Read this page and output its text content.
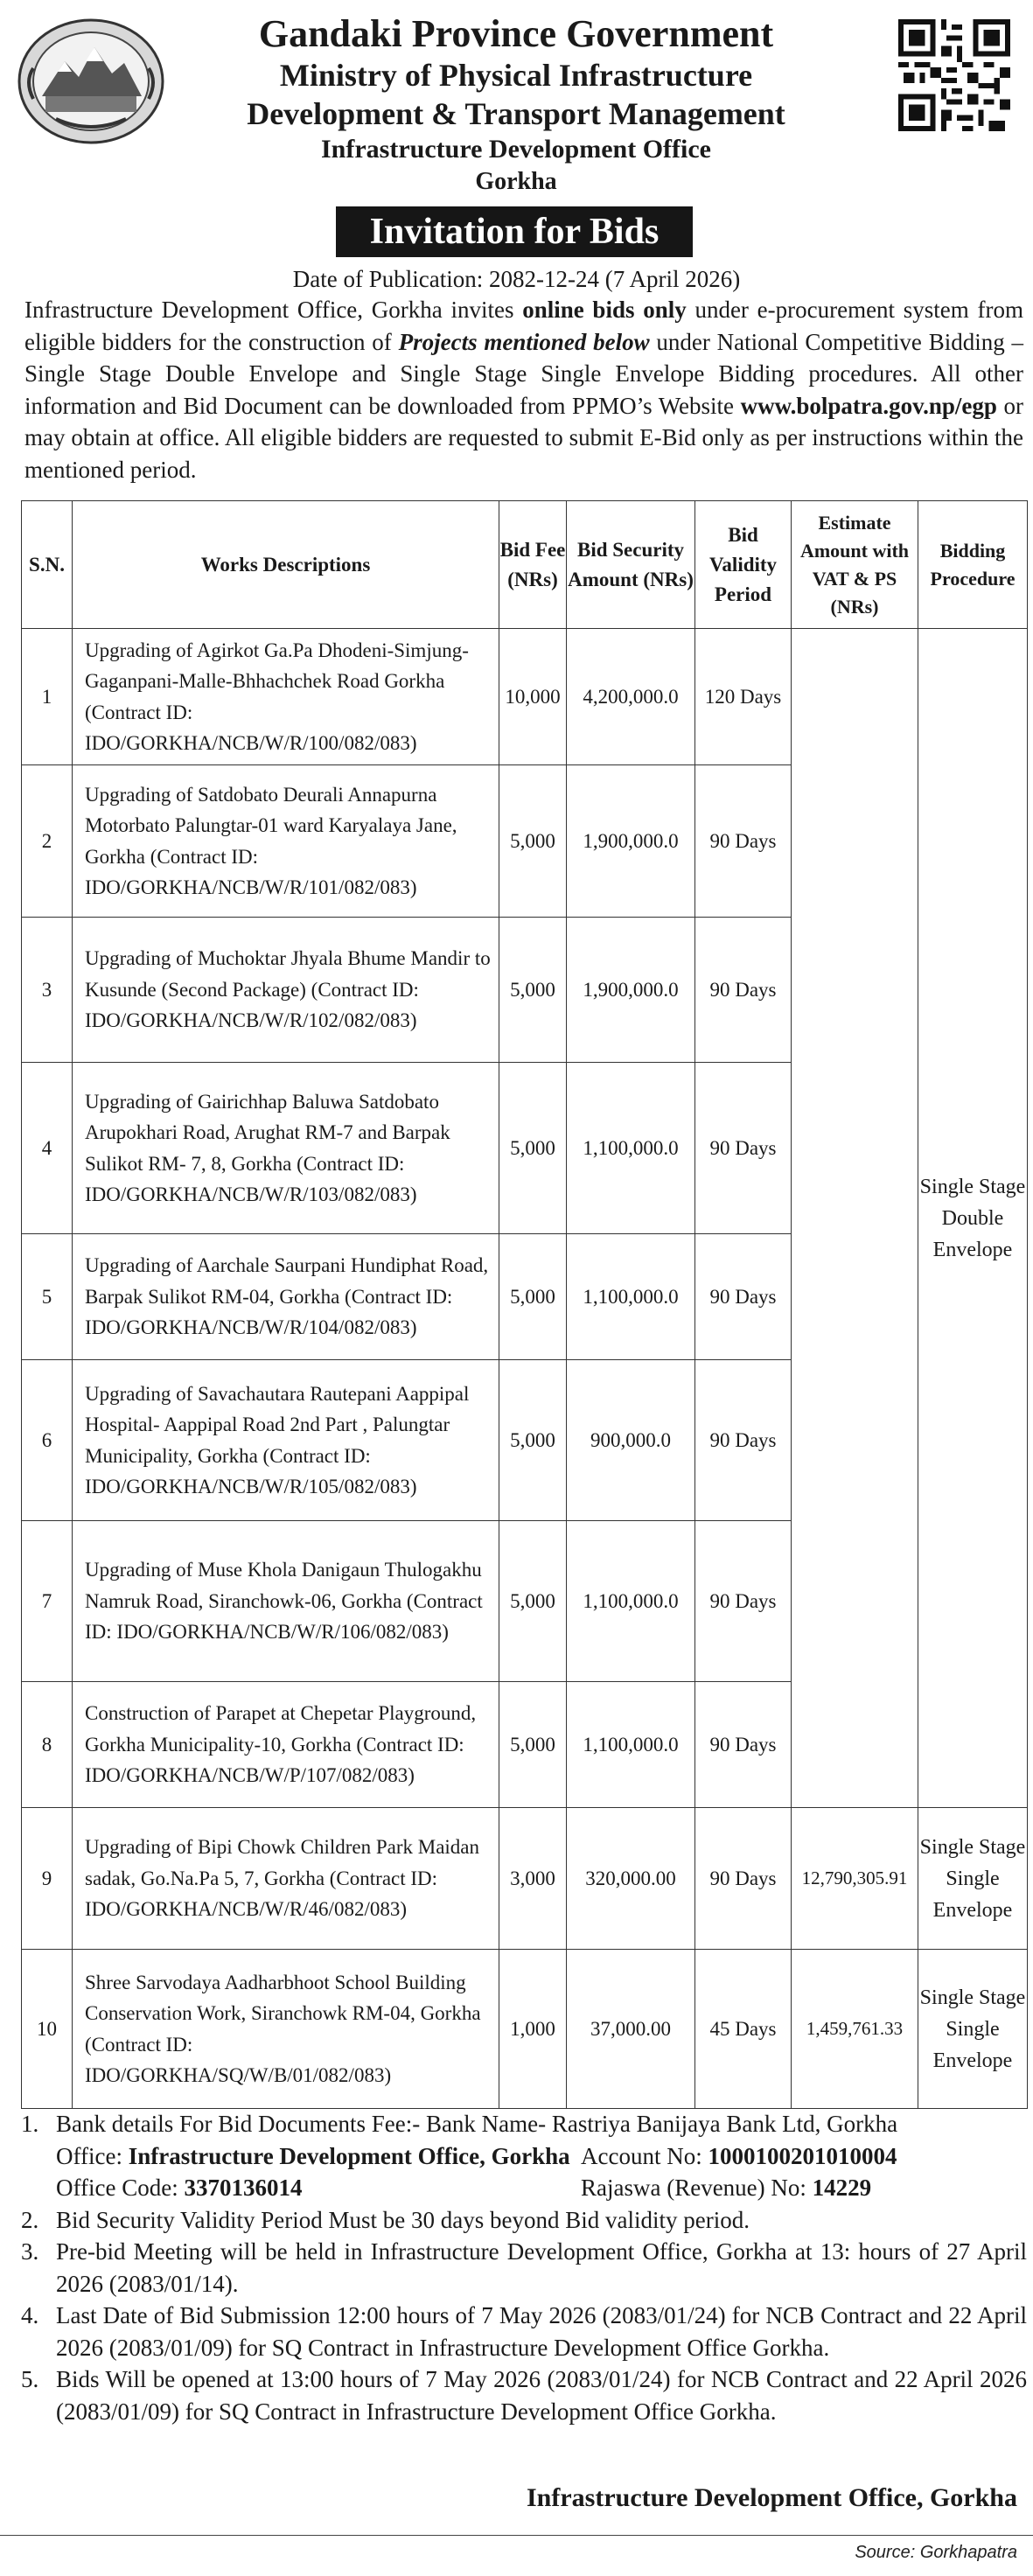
Gandaki Province Government
Ministry of Physical Infrastructure
Development & Transport Management
Infrastructure Development Office
Gorkha
Invitation for Bids
Date of Publication: 2082-12-24 (7 April 2026)
Infrastructure Development Office, Gorkha invites online bids only under e-procurement system from eligible bidders for the construction of Projects mentioned below under National Competitive Bidding – Single Stage Double Envelope and Single Stage Single Envelope Bidding procedures. All other information and Bid Document can be downloaded from PPMO’s Website www.bolpatra.gov.np/egp or may obtain at office. All eligible bidders are requested to submit E-Bid only as per instructions within the mentioned period.
S.N.	Works Descriptions	Bid Fee (NRs)	Bid Security Amount (NRs)	Bid Validity Period	Estimate Amount with VAT & PS (NRs)	Bidding Procedure
1	Upgrading of Agirkot Ga.Pa Dhodeni-Simjung-Gaganpani-Malle-Bhhachchek Road Gorkha (Contract ID: IDO/GORKHA/NCB/W/R/100/082/083)	10,000	4,200,000.0	120 Days		Single Stage Double Envelope
2	Upgrading of Satdobato Deurali Annapurna Motorbato Palungtar-01 ward Karyalaya Jane, Gorkha (Contract ID: IDO/GORKHA/NCB/W/R/101/082/083)	5,000	1,900,000.0	90 Days		
3	Upgrading of Muchoktar Jhyala Bhume Mandir to Kusunde (Second Package) (Contract ID: IDO/GORKHA/NCB/W/R/102/082/083)	5,000	1,900,000.0	90 Days		
4	Upgrading of Gairichhap Baluwa Satdobato Arupokhari Road, Arughat RM-7 and Barpak Sulikot RM- 7, 8, Gorkha (Contract ID: IDO/GORKHA/NCB/W/R/103/082/083)	5,000	1,100,000.0	90 Days		
5	Upgrading of Aarchale Saurpani Hundiphat Road, Barpak Sulikot RM-04, Gorkha (Contract ID: IDO/GORKHA/NCB/W/R/104/082/083)	5,000	1,100,000.0	90 Days		
6	Upgrading of Savachautara Rautepani Aappipal Hospital- Aappipal Road 2nd Part , Palungtar Municipality, Gorkha (Contract ID: IDO/GORKHA/NCB/W/R/105/082/083)	5,000	900,000.0	90 Days		
7	Upgrading of Muse Khola Danigaun Thulogakhu Namruk Road, Siranchowk-06, Gorkha (Contract ID: IDO/GORKHA/NCB/W/R/106/082/083)	5,000	1,100,000.0	90 Days		
8	Construction of Parapet at Chepetar Playground, Gorkha Municipality-10, Gorkha (Contract ID: IDO/GORKHA/NCB/W/P/107/082/083)	5,000	1,100,000.0	90 Days		
9	Upgrading of Bipi Chowk Children Park Maidan sadak, Go.Na.Pa 5, 7, Gorkha (Contract ID: IDO/GORKHA/NCB/W/R/46/082/083)	3,000	320,000.00	90 Days	12,790,305.91	Single Stage Single Envelope
10	Shree Sarvodaya Aadharbhoot School Building Conservation Work, Siranchowk RM-04, Gorkha (Contract ID: IDO/GORKHA/SQ/W/B/01/082/083)	1,000	37,000.00	45 Days	1,459,761.33	Single Stage Single Envelope
1. Bank details For Bid Documents Fee:- Bank Name- Rastriya Banijaya Bank Ltd, Gorkha
Office: Infrastructure Development Office, Gorkha Account No: 1000100201010004
Office Code: 3370136014	Rajaswa (Revenue) No: 14229
2. Bid Security Validity Period Must be 30 days beyond Bid validity period.
3. Pre-bid Meeting will be held in Infrastructure Development Office, Gorkha at 13: hours of 27 April 2026 (2083/01/14).
4. Last Date of Bid Submission 12:00 hours of 7 May 2026 (2083/01/24) for NCB Contract and 22 April 2026 (2083/01/09) for SQ Contract in Infrastructure Development Office Gorkha.
5. Bids Will be opened at 13:00 hours of 7 May 2026 (2083/01/24) for NCB Contract and 22 April 2026 (2083/01/09) for SQ Contract in Infrastructure Development Office Gorkha.
Infrastructure Development Office, Gorkha
Source: Gorkhapatra
